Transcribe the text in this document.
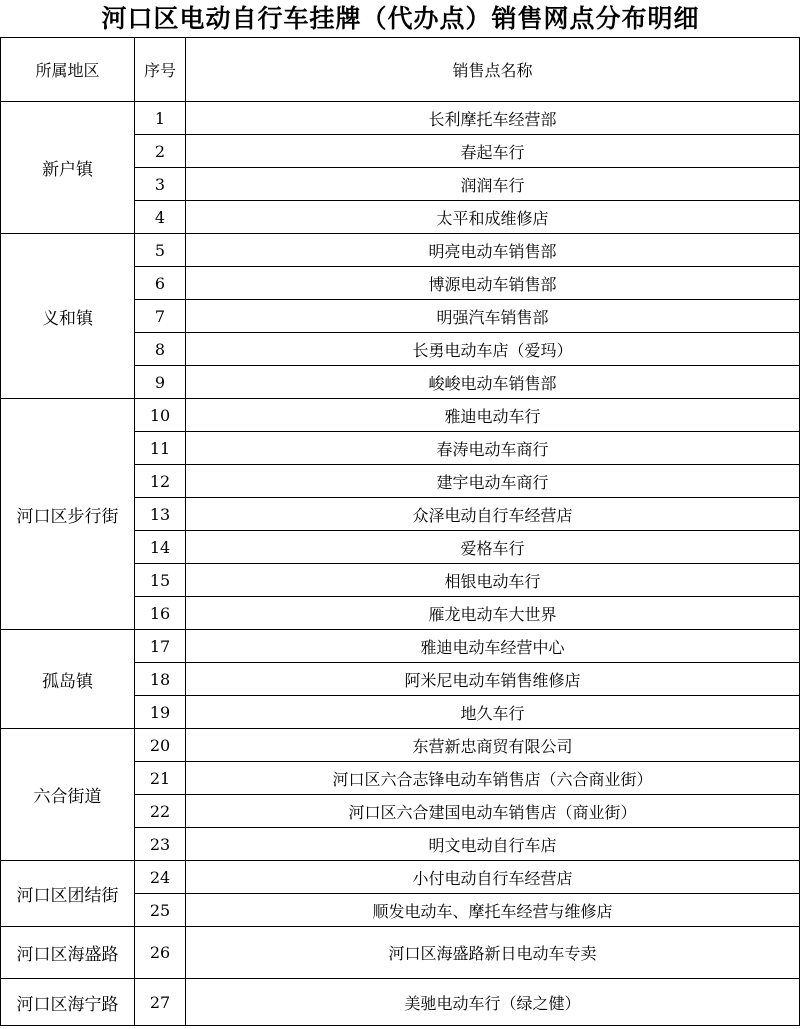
河口区电动自行车挂牌（代办点）销售网点分布明细
所属地区	序号	销售点名称
新户镇	1	长利摩托车经营部
	2	春起车行
	3	润润车行
	4	太平和成维修店
义和镇	5	明亮电动车销售部
	6	博源电动车销售部
	7	明强汽车销售部
	8	长勇电动车店（爱玛）
	9	峻峻电动车销售部
河口区步行街	10	雅迪电动车行
	11	春涛电动车商行
	12	建宇电动车商行
	13	众泽电动自行车经营店
	14	爱格车行
	15	相银电动车行
	16	雁龙电动车大世界
孤岛镇	17	雅迪电动车经营中心
	18	阿米尼电动车销售维修店
	19	地久车行
六合街道	20	东营新忠商贸有限公司
	21	河口区六合志锋电动车销售店（六合商业街）
	22	河口区六合建国电动车销售店（商业街）
	23	明文电动自行车店
河口区团结街	24	小付电动自行车经营店
	25	顺发电动车、摩托车经营与维修店
河口区海盛路	26	河口区海盛路新日电动车专卖
河口区海宁路	27	美驰电动车行（绿之健）
